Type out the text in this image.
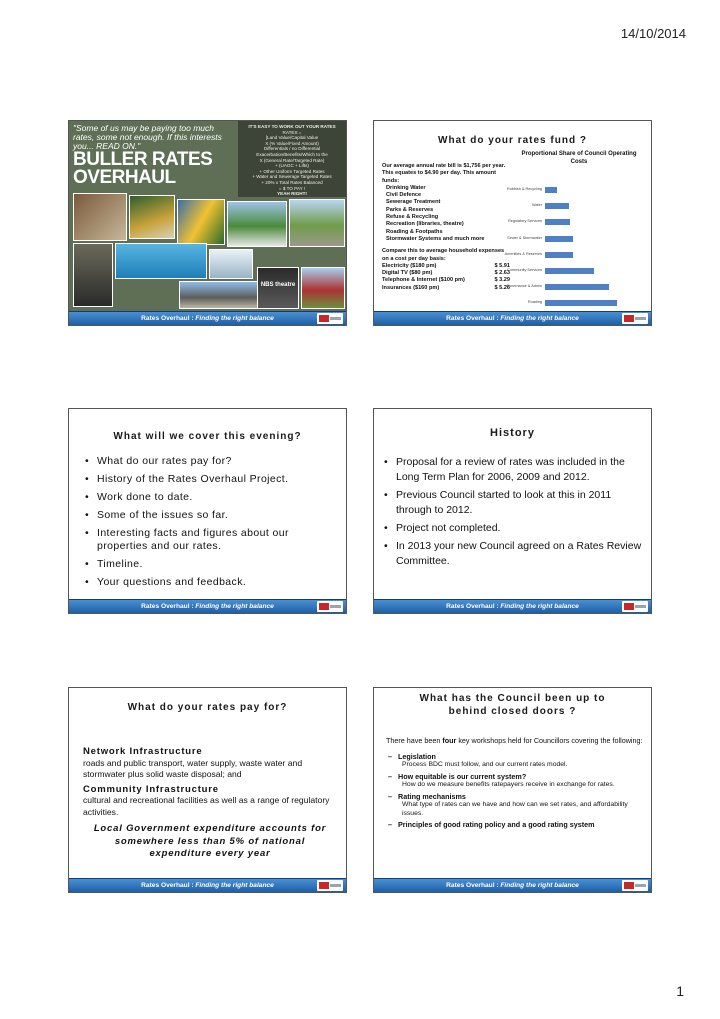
14/10/2014
NBS theatre
"Some of us may be paying too much rates, some not enough. If this interests you... READ ON."
BULLER RATES
OVERHAUL
IT'S EASY TO WORK OUT YOUR RATES
RATES =
[Land Value/Capital Value
X (% Value/Fixed Amount)
Differentials / no Differential
Exacerbation/Benefits/Which to the
X (General Rate/Targeted Rate)
+ (UAGC + Lifts)
+ Other Uniform Targeted Rates
+ Water and Sewerage Targeted Rates
+ 20% x Total Rates Balanced
= $ TO PAY !
YEAH RIGHT!
Rates Overhaul : Finding the right balance
What do your rates fund ?
Our average annual rate bill is $1,756 per year. This equates to $4.90 per day. This amount funds:
Drinking Water
Civil Defence
Sewerage Treatment
Parks & Reserves
Refuse & Recycling
Recreation (libraries, theatre)
Roading & Footpaths
Stormwater Systems and much more
Compare this to average household expenses on a cost per day basis:
Electricity ($180 pm)	$ 5.91
Digital TV ($80 pm)	$ 2.63
Telephone & Internet ($100 pm)	$ 3.29
Insurances ($160 pm)	$ 5.26
Proportional Share of Council Operating Costs
Rubbish & Recycling
Water
Regulatory Services
Sewer & Stormwater
Amenities & Reserves
Community Services
Governance & Admin
Roading
Rates Overhaul : Finding the right balance
What will we cover this evening?
• What do our rates pay for?
• History of the Rates Overhaul Project.
• Work done to date.
• Some of the issues so far.
• Interesting facts and figures about our properties and our rates.
• Timeline.
• Your questions and feedback.
Rates Overhaul : Finding the right balance
History
• Proposal for a review of rates was included in the Long Term Plan for 2006, 2009 and 2012.
• Previous Council started to look at this in 2011 through to 2012.
• Project not completed.
• In 2013 your new Council agreed on a Rates Review Committee.
Rates Overhaul : Finding the right balance
What do your rates pay for?
Network Infrastructure
roads and public transport, water supply, waste water and stormwater plus solid waste disposal; and
Community Infrastructure
cultural and recreational facilities as well as a range of regulatory activities.
Local Government expenditure accounts for somewhere less than 5% of national expenditure every year
Rates Overhaul : Finding the right balance
What has the Council been up to behind closed doors ?
There have been four key workshops held for Councillors covering the following:
– Legislation
Process BDC must follow, and our current rates model.
– How equitable is our current system?
How do we measure benefits ratepayers receive in exchange for rates.
– Rating mechanisms
What type of rates can we have and how can we set rates, and affordability issues.
– Principles of good rating policy and a good rating system
Rates Overhaul : Finding the right balance
1
